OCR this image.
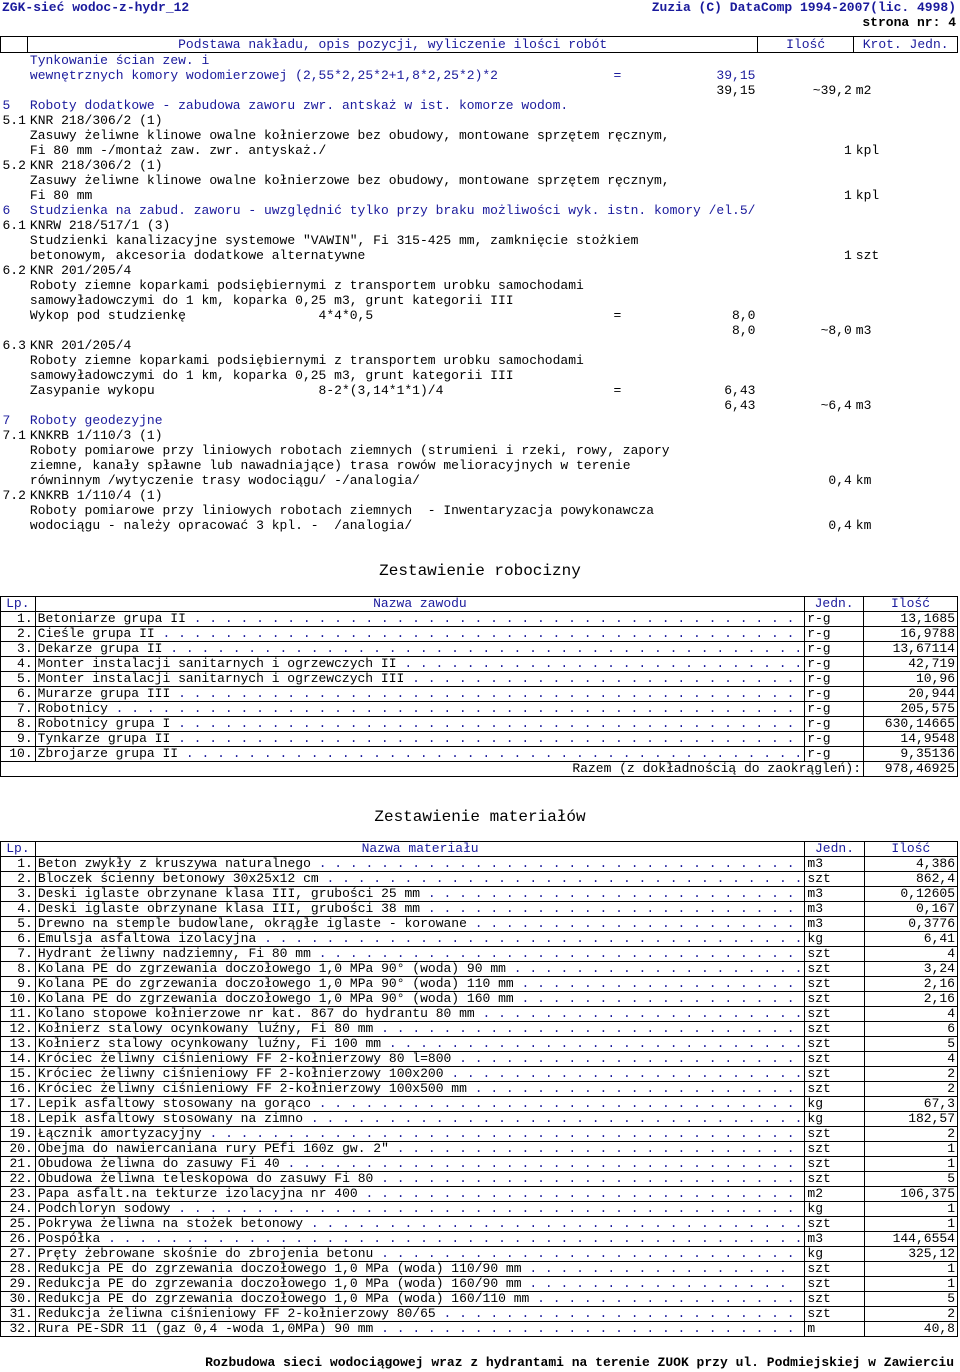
ZGK-sieć wodoc-z-hydr_12	Zuzia (C) DataComp 1994-2007(lic. 4998)
strona nr: 4
	Podstawa nakładu, opis pozycji, wyliczenie ilości robót			Ilość	Krot. Jedn.
	Tynkowanie ścian zew. i				
	wewnętrznych komory wodomierzowej (2,55*2,25*2+1,8*2,25*2)*2	=	39,15		
			39,15	~39,2	m2
5	Roboty dodatkowe - zabudowa zaworu zwr. antskaż w ist. komorze wodom.				
5.1	KNR 218/306/2 (1)				
	Zasuwy żeliwne klinowe owalne kołnierzowe bez obudowy, montowane sprzętem ręcznym,				
	Fi 80 mm -/montaż zaw. zwr. antyskaż./			1	kpl
5.2	KNR 218/306/2 (1)				
	Zasuwy żeliwne klinowe owalne kołnierzowe bez obudowy, montowane sprzętem ręcznym,				
	Fi 80 mm			1	kpl
6	Studzienka na zabud. zaworu - uwzględnić tylko przy braku możliwości wyk. istn. komory /el.5/				
6.1	KNRW 218/517/1 (3)				
	Studzienki kanalizacyjne systemowe "VAWIN", Fi 315-425 mm, zamknięcie stożkiem				
	betonowym, akcesoria dodatkowe alternatywne			1	szt
6.2	KNR 201/205/4				
	Roboty ziemne koparkami podsiębiernymi z transportem urobku samochodami				
	samowyładowczymi do 1 km, koparka 0,25 m3, grunt kategorii III				
	Wykop pod studzienkę                 4*4*0,5	=	8,0		
			8,0	~8,0	m3
6.3	KNR 201/205/4				
	Roboty ziemne koparkami podsiębiernymi z transportem urobku samochodami				
	samowyładowczymi do 1 km, koparka 0,25 m3, grunt kategorii III				
	Zasypanie wykopu                     8-2*(3,14*1*1)/4	=	6,43		
			6,43	~6,4	m3
7	Roboty geodezyjne				
7.1	KNKRB 1/110/3 (1)				
	Roboty pomiarowe przy liniowych robotach ziemnych (strumieni i rzeki, rowy, zapory				
	ziemne, kanały spławne lub nawadniające) trasa rowów melioracyjnych w terenie				
	równinnym /wytyczenie trasy wodociągu/ -/analogia/			0,4	km
7.2	KNKRB 1/110/4 (1)				
	Roboty pomiarowe przy liniowych robotach ziemnych  - Inwentaryzacja powykonawcza				
	wodociągu - należy opracować 3 kpl. -  /analogia/			0,4	km
Zestawienie robocizny
Lp.	Nazwa zawodu	Jedn.	Ilość
1.	Betoniarze grupa II . . . . . . . . . . . . . . . . . . . . . . . . . . . . . . . . . . . . . . .	r-g	13,1685
2.	Cieśle grupa II . . . . . . . . . . . . . . . . . . . . . . . . . . . . . . . . . . . . . . . . .	r-g	16,9788
3.	Dekarze grupa II . . . . . . . . . . . . . . . . . . . . . . . . . . . . . . . . . . . . . . . . .	r-g	13,67114
4.	Monter instalacji sanitarnych i ogrzewczych II . . . . . . . . . . . . . . . . . . . . . . . . . .	r-g	42,719
5.	Monter instalacji sanitarnych i ogrzewczych III . . . . . . . . . . . . . . . . . . . . . . . . .	r-g	10,96
6.	Murarze grupa III . . . . . . . . . . . . . . . . . . . . . . . . . . . . . . . . . . . . . . . .	r-g	20,944
7.	Robotnicy . . . . . . . . . . . . . . . . . . . . . . . . . . . . . . . . . . . . . . . . . . . .	r-g	205,575
8.	Robotnicy grupa I . . . . . . . . . . . . . . . . . . . . . . . . . . . . . . . . . . . . . . . .	r-g	630,14665
9.	Tynkarze grupa II . . . . . . . . . . . . . . . . . . . . . . . . . . . . . . . . . . . . . . . .	r-g	14,9548
10.	Zbrojarze grupa II . . . . . . . . . . . . . . . . . . . . . . . . . . . . . . . . . . . . . . . .	r-g	9,35136
Razem (z dokładnością do zaokrągleń):			978,46925
Zestawienie materiałów
Lp.	Nazwa materiału	Jedn.	Ilość
1.	Beton zwykły z kruszywa naturalnego . . . . . . . . . . . . . . . . . . . . . . . . . . . . . . .	m3	4,386
2.	Bloczek ścienny betonowy 30x25x12 cm . . . . . . . . . . . . . . . . . . . . . . . . . . . . . . .	szt	862,4
3.	Deski iglaste obrzynane klasa III, grubości 25 mm . . . . . . . . . . . . . . . . . . . . . . . .	m3	0,12605
4.	Deski iglaste obrzynane klasa III, grubości 38 mm . . . . . . . . . . . . . . . . . . . . . . . .	m3	0,167
5.	Drewno na stemple budowlane, okrągłe iglaste - korowane . . . . . . . . . . . . . . . . . . . . .	m3	0,3776
6.	Emulsja asfaltowa izolacyjna . . . . . . . . . . . . . . . . . . . . . . . . . . . . . . . . . . .	kg	6,41
7.	Hydrant żeliwny nadziemny, Fi 80 mm . . . . . . . . . . . . . . . . . . . . . . . . . . . . . . .	szt	4
8.	Kolana PE do zgrzewania doczołowego 1,0 MPa 90° (woda) 90 mm . . . . . . . . . . . . . . . . . . .	szt	3,24
9.	Kolana PE do zgrzewania doczołowego 1,0 MPa 90° (woda) 110 mm . . . . . . . . . . . . . . . . . .	szt	2,16
10.	Kolana PE do zgrzewania doczołowego 1,0 MPa 90° (woda) 160 mm . . . . . . . . . . . . . . . . . .	szt	2,16
11.	Kolano stopowe kołnierzowe nr kat. 867 do hydrantu 80 mm . . . . . . . . . . . . . . . . . . . . .	szt	4
12.	Kołnierz stalowy ocynkowany luźny, Fi 80 mm . . . . . . . . . . . . . . . . . . . . . . . . . . .	szt	6
13.	Kołnierz stalowy ocynkowany luźny, Fi 100 mm . . . . . . . . . . . . . . . . . . . . . . . . . . .	szt	5
14.	Króciec żeliwny ciśnieniowy FF 2-kołnierzowy 80 l=800 . . . . . . . . . . . . . . . . . . . . . .	szt	4
15.	Króciec żeliwny ciśnieniowy FF 2-kołnierzowy 100x200 . . . . . . . . . . . . . . . . . . . . . . .	szt	2
16.	Króciec żeliwny ciśnieniowy FF 2-kołnierzowy 100x500 mm . . . . . . . . . . . . . . . . . . . . .	szt	2
17.	Lepik asfaltowy stosowany na gorąco . . . . . . . . . . . . . . . . . . . . . . . . . . . . . . .	kg	67,3
18.	Lepik asfaltowy stosowany na zimno . . . . . . . . . . . . . . . . . . . . . . . . . . . . . . . .	kg	182,57
19.	Łącznik amortyzacyjny . . . . . . . . . . . . . . . . . . . . . . . . . . . . . . . . . . . . . .	szt	2
20.	Obejma do nawiercaniana rury PEfi 160z gw. 2" . . . . . . . . . . . . . . . . . . . . . . . . . .	szt	1
21.	Obudowa żeliwna do zasuwy Fi 40 . . . . . . . . . . . . . . . . . . . . . . . . . . . . . . . . .	szt	1
22.	Obudowa żeliwna teleskopowa do zasuwy Fi 80 . . . . . . . . . . . . . . . . . . . . . . . . . . .	szt	5
23.	Papa asfalt.na tekturze izolacyjna nr 400 . . . . . . . . . . . . . . . . . . . . . . . . . . . .	m2	106,375
24.	Podchloryn sodowy . . . . . . . . . . . . . . . . . . . . . . . . . . . . . . . . . . . . . . . .	kg	1
25.	Pokrywa żeliwna na stożek betonowy . . . . . . . . . . . . . . . . . . . . . . . . . . . . . . . .	szt	1
26.	Pospółka . . . . . . . . . . . . . . . . . . . . . . . . . . . . . . . . . . . . . . . . . . . . .	m3	144,6554
27.	Pręty żebrowane skośnie do zbrojenia betonu . . . . . . . . . . . . . . . . . . . . . . . . . . .	kg	325,12
28.	Redukcja PE do zgrzewania doczołowego 1,0 MPa (woda) 110/90 mm . . . . . . . . . . . . . . . . .	szt	1
29.	Redukcja PE do zgrzewania doczołowego 1,0 MPa (woda) 160/90 mm . . . . . . . . . . . . . . . . .	szt	1
30.	Redukcja PE do zgrzewania doczołowego 1,0 MPa (woda) 160/110 mm . . . . . . . . . . . . . . . . .	szt	5
31.	Redukcja żeliwna ciśnieniowy FF 2-kołnierzowy 80/65 . . . . . . . . . . . . . . . . . . . . . . .	szt	2
32.	Rura PE-SDR 11 (gaz 0,4 -woda 1,0MPa) 90 mm . . . . . . . . . . . . . . . . . . . . . . . . . . .	m	40,8
Rozbudowa sieci wodociągowej wraz z hydrantami na terenie ZUOK przy ul. Podmiejskiej w Zawierciu
